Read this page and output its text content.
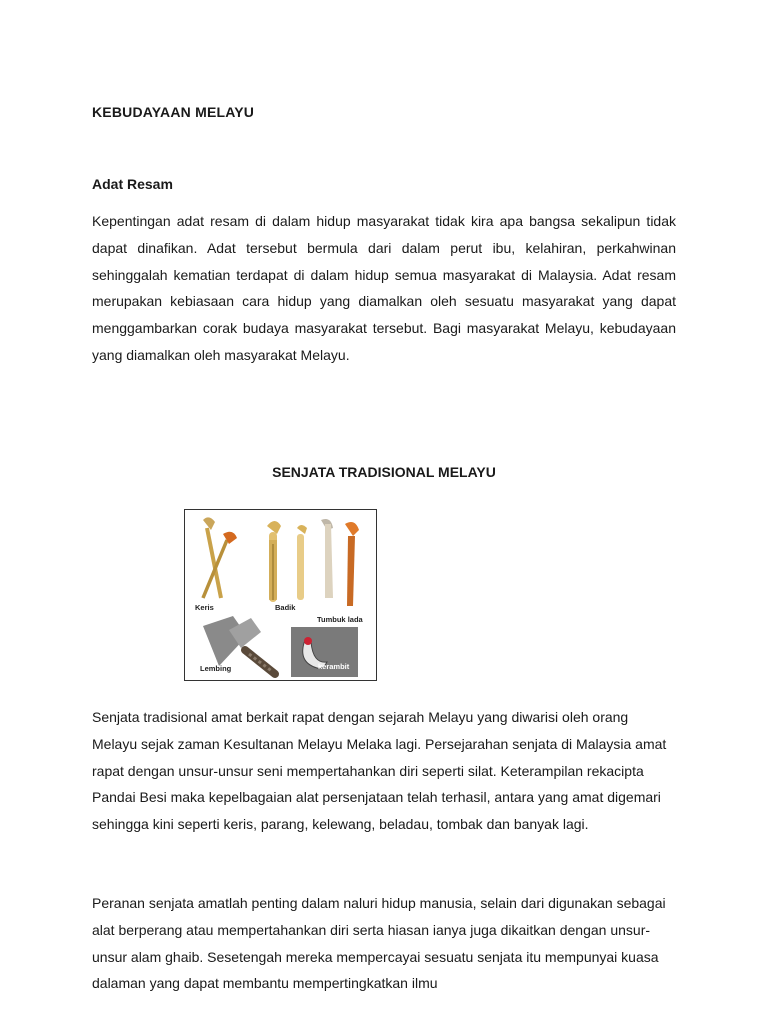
KEBUDAYAAN MELAYU
Adat Resam

Kepentingan adat resam di dalam hidup masyarakat tidak kira apa bangsa sekalipun tidak dapat dinafikan. Adat tersebut bermula dari dalam perut ibu, kelahiran, perkahwinan sehinggalah kematian terdapat di dalam hidup semua masyarakat di Malaysia. Adat resam merupakan kebiasaan cara hidup yang diamalkan oleh sesuatu masyarakat yang dapat menggambarkan corak budaya masyarakat tersebut. Bagi masyarakat Melayu, kebudayaan yang diamalkan oleh masyarakat Melayu.

SENJATA TRADISIONAL MELAYU
Keris	Badik
Tumbuk lada
Lembing	kerambit

Senjata tradisional amat berkait rapat dengan sejarah Melayu yang diwarisi oleh orang Melayu sejak zaman Kesultanan Melayu Melaka lagi. Persejarahan senjata di Malaysia amat rapat dengan unsur-unsur seni mempertahankan diri seperti silat. Keterampilan rekacipta Pandai Besi maka kepelbagaian alat persenjataan telah terhasil, antara yang amat digemari sehingga kini seperti keris, parang, kelewang, beladau, tombak dan banyak lagi.

Peranan senjata amatlah penting dalam naluri hidup manusia, selain dari digunakan sebagai alat berperang atau mempertahankan diri serta hiasan ianya juga dikaitkan dengan unsur-unsur alam ghaib. Sesetengah mereka mempercayai sesuatu senjata itu mempunyai kuasa dalaman yang dapat membantu mempertingkatkan ilmu
